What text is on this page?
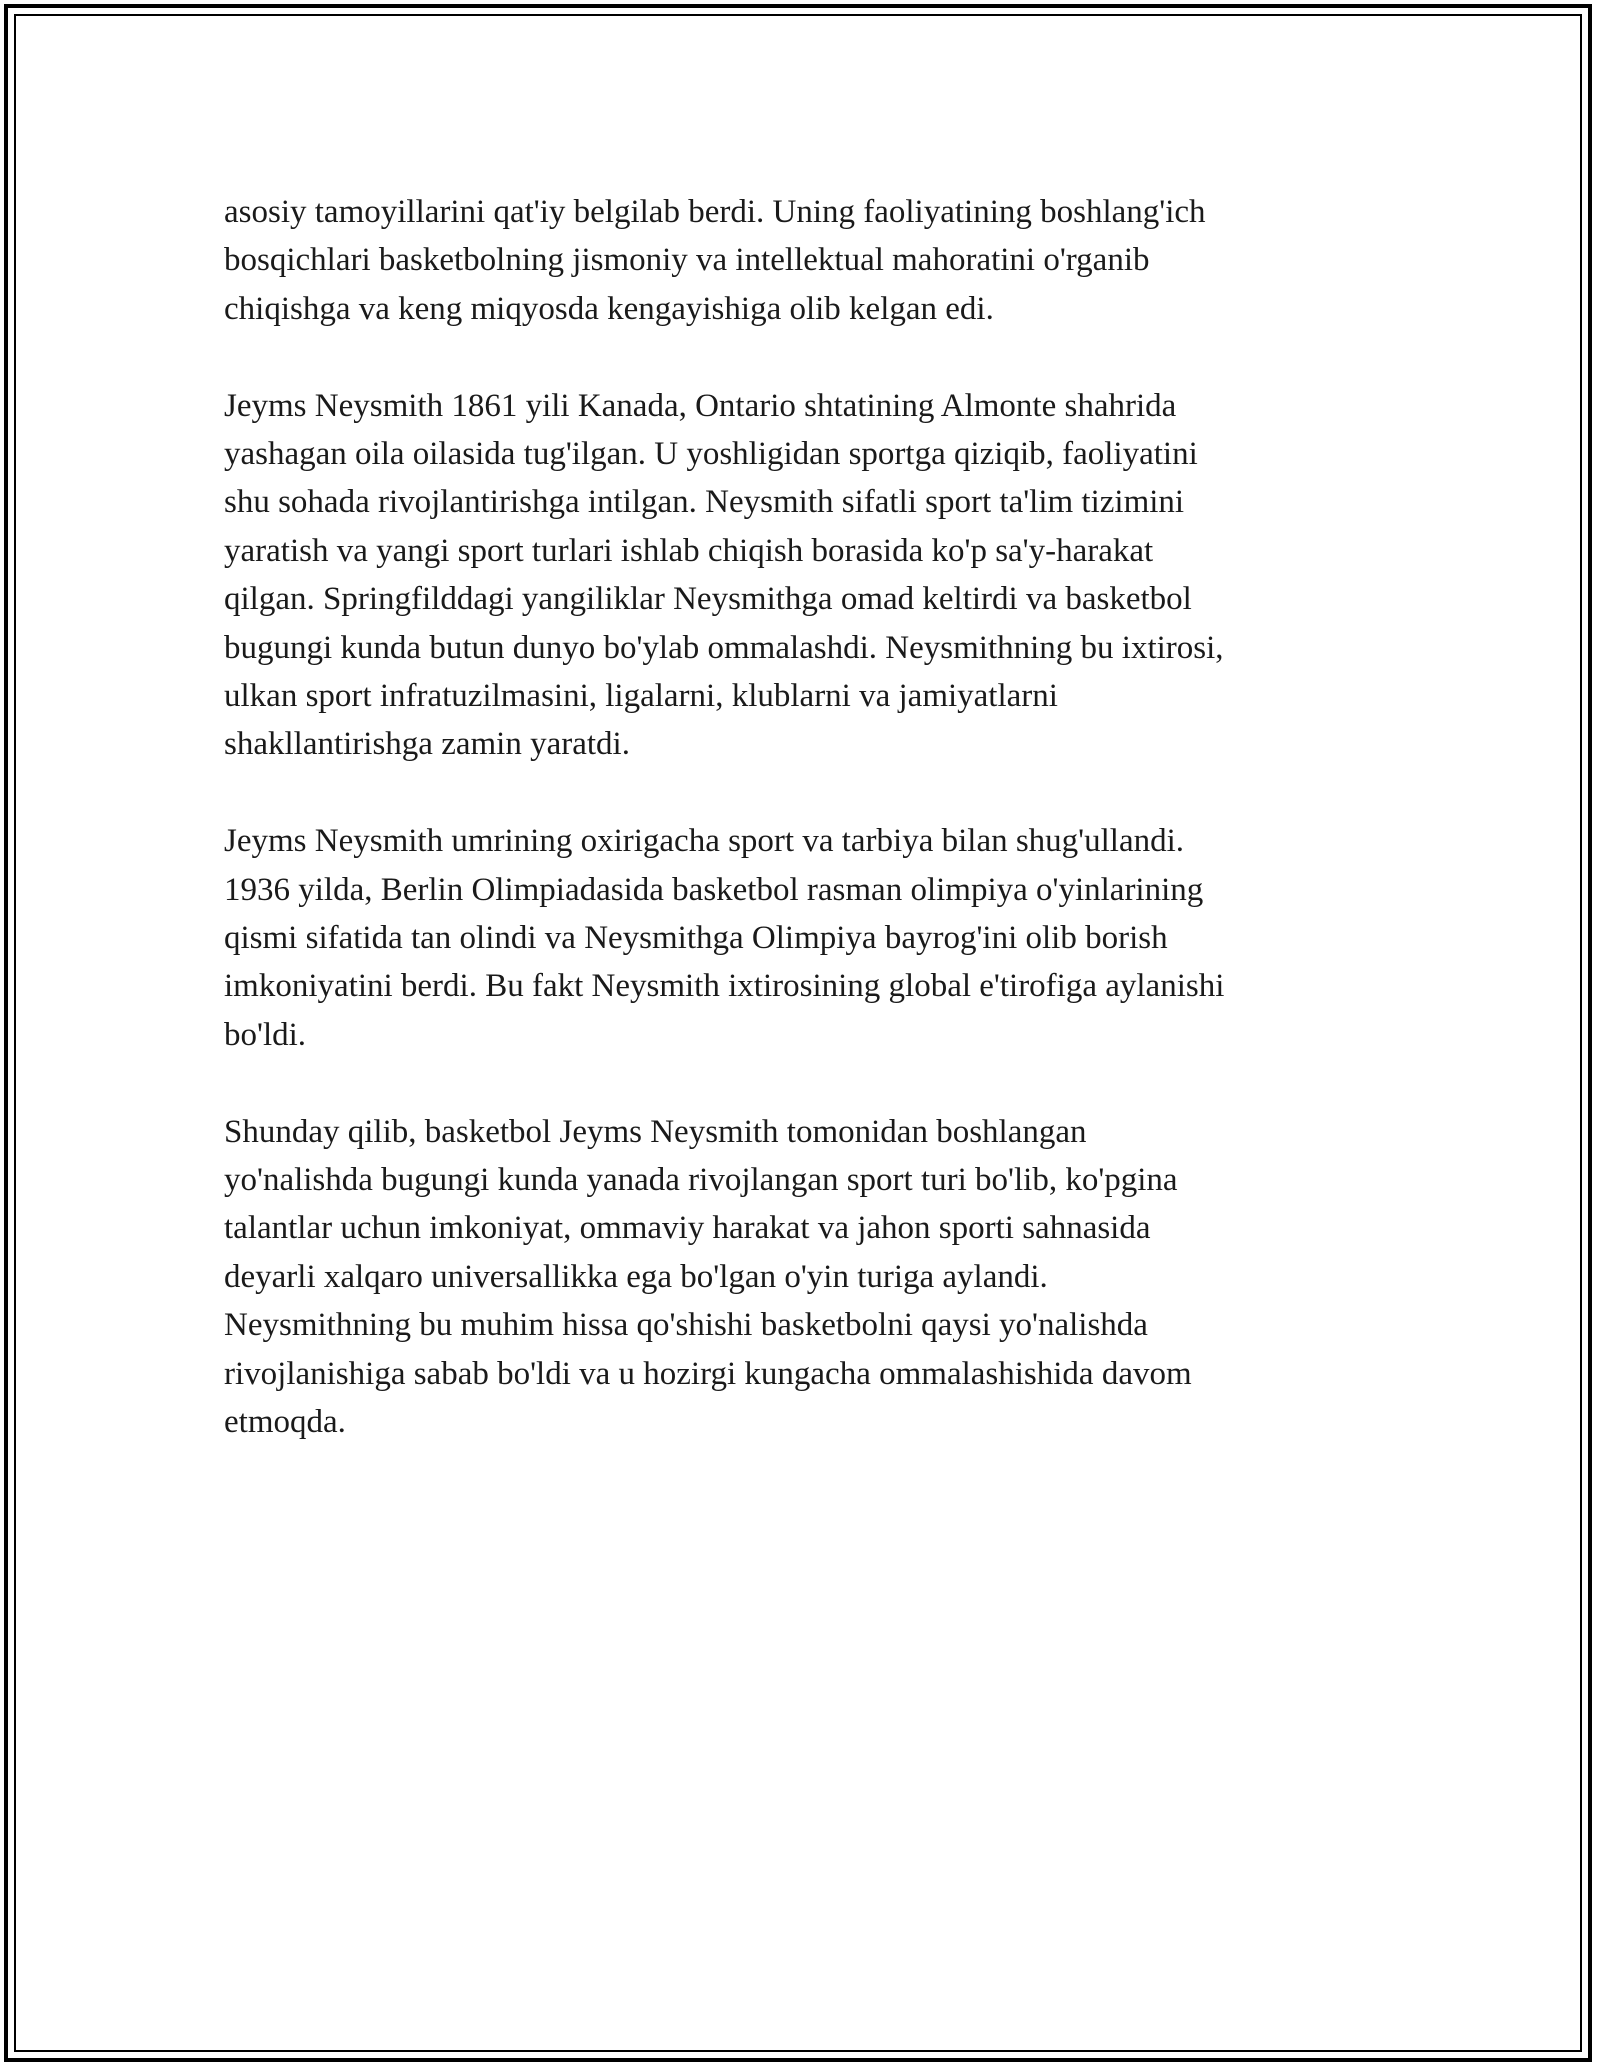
asosiy tamoyillarini qat'iy belgilab berdi. Uning faoliyatining boshlang'ich
bosqichlari basketbolning jismoniy va intellektual mahoratini o'rganib
chiqishga va keng miqyosda kengayishiga olib kelgan edi.

Jeyms Neysmith 1861 yili Kanada, Ontario shtatining Almonte shahrida
yashagan oila oilasida tug'ilgan. U yoshligidan sportga qiziqib, faoliyatini
shu sohada rivojlantirishga intilgan. Neysmith sifatli sport ta'lim tizimini
yaratish va yangi sport turlari ishlab chiqish borasida ko'p sa'y-harakat
qilgan. Springfilddagi yangiliklar Neysmithga omad keltirdi va basketbol
bugungi kunda butun dunyo bo'ylab ommalashdi. Neysmithning bu ixtirosi,
ulkan sport infratuzilmasini, ligalarni, klublarni va jamiyatlarni
shakllantirishga zamin yaratdi.

Jeyms Neysmith umrining oxirigacha sport va tarbiya bilan shug'ullandi.
1936 yilda, Berlin Olimpiadasida basketbol rasman olimpiya o'yinlarining
qismi sifatida tan olindi va Neysmithga Olimpiya bayrog'ini olib borish
imkoniyatini berdi. Bu fakt Neysmith ixtirosining global e'tirofiga aylanishi
bo'ldi.

Shunday qilib, basketbol Jeyms Neysmith tomonidan boshlangan
yo'nalishda bugungi kunda yanada rivojlangan sport turi bo'lib, ko'pgina
talantlar uchun imkoniyat, ommaviy harakat va jahon sporti sahnasida
deyarli xalqaro universallikka ega bo'lgan o'yin turiga aylandi.
Neysmithning bu muhim hissa qo'shishi basketbolni qaysi yo'nalishda
rivojlanishiga sabab bo'ldi va u hozirgi kungacha ommalashishida davom
etmoqda.
